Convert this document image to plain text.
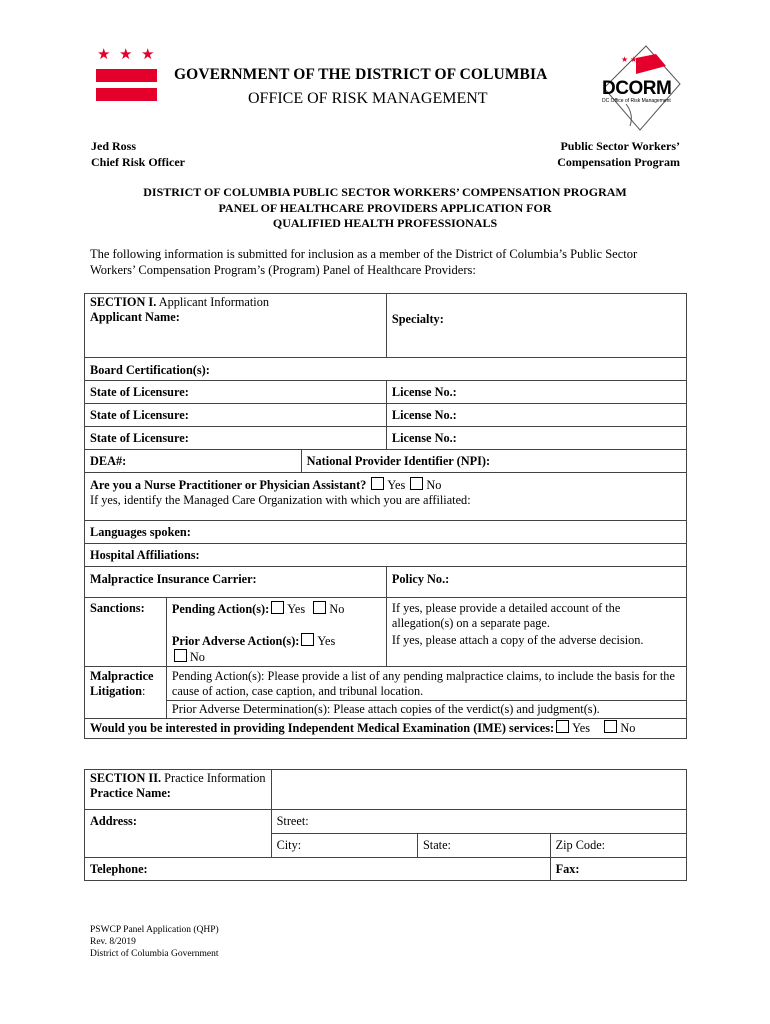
★ ★ ★
GOVERNMENT OF THE DISTRICT OF COLUMBIA
OFFICE OF RISK MANAGEMENT
★ ★ ★
DCORM
DC Office of Risk Management
Jed Ross
Chief Risk Officer
Public Sector Workers’
Compensation Program
DISTRICT OF COLUMBIA PUBLIC SECTOR WORKERS’ COMPENSATION PROGRAM
PANEL OF HEALTHCARE PROVIDERS APPLICATION FOR
QUALIFIED HEALTH PROFESSIONALS
The following information is submitted for inclusion as a member of the District of Columbia’s Public Sector
Workers’ Compensation Program’s (Program) Panel of Healthcare Providers:
SECTION I. Applicant Information
Applicant Name:			Specialty:
Board Certification(s):			
State of Licensure:			License No.:
State of Licensure:			License No.:
State of Licensure:			License No.:
DEA#:		National Provider Identifier (NPI):	

Are you a Nurse Practitioner or Physician Assistant? Yes No
If yes, identify the Managed Care Organization with which you are affiliated:			

Languages spoken:			
Hospital Affiliations:			
Malpractice Insurance Carrier:			Policy No.:
Sanctions:	Pending Action(s): Yes No		If yes, please provide a detailed account of the allegation(s) on a separate page.
	Prior Adverse Action(s): Yes
No		If yes, please attach a copy of the adverse decision.

Malpractice
Litigation:	Pending Action(s): Please provide a list of any pending malpractice claims, to include the basis for the cause of action, case caption, and tribunal location.		
	Prior Adverse Determination(s): Please attach copies of the verdict(s) and judgment(s).		
Would you be interested in providing Independent Medical Examination (IME) services: Yes No			
SECTION II. Practice Information
Practice Name:			

Address:	Street:		
	City:	State:	Zip Code:
Telephone:			Fax:
PSWCP Panel Application (QHP)
Rev. 8/2019
District of Columbia Government
